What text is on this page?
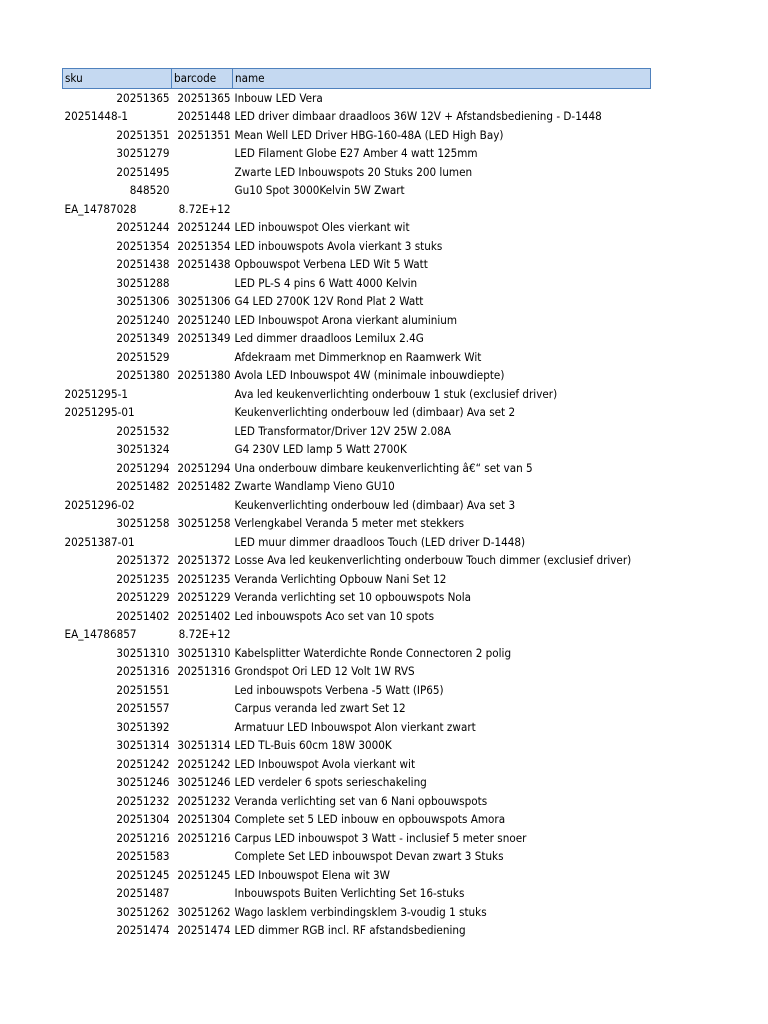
sku	barcode	name
20251365	20251365	Inbouw LED Vera
20251448-1	20251448	LED driver dimbaar draadloos 36W 12V + Afstandsbediening - D-1448
20251351	20251351	Mean Well LED Driver HBG-160-48A (LED High Bay)
30251279		LED Filament Globe E27 Amber 4 watt 125mm
20251495		Zwarte LED Inbouwspots 20 Stuks 200 lumen
848520		Gu10 Spot 3000Kelvin 5W Zwart
EA_14787028	8.72E+12	
20251244	20251244	LED inbouwspot Oles vierkant wit
20251354	20251354	LED inbouwspots Avola vierkant 3 stuks
20251438	20251438	Opbouwspot Verbena LED Wit 5 Watt
30251288		LED PL-S 4 pins 6 Watt 4000 Kelvin
30251306	30251306	G4 LED 2700K 12V Rond Plat 2 Watt
20251240	20251240	LED Inbouwspot Arona vierkant aluminium
20251349	20251349	Led dimmer draadloos Lemilux 2.4G
20251529		Afdekraam met Dimmerknop en Raamwerk Wit
20251380	20251380	Avola LED Inbouwspot 4W (minimale inbouwdiepte)
20251295-1		Ava led keukenverlichting onderbouw 1 stuk (exclusief driver)
20251295-01		Keukenverlichting onderbouw led (dimbaar) Ava set 2
20251532		LED Transformator/Driver 12V 25W 2.08A
30251324		G4 230V LED lamp 5 Watt 2700K
20251294	20251294	Una onderbouw dimbare keukenverlichting â€“ set van 5
20251482	20251482	Zwarte Wandlamp Vieno GU10
20251296-02		Keukenverlichting onderbouw led (dimbaar) Ava set 3
30251258	30251258	Verlengkabel Veranda 5 meter met stekkers
20251387-01		LED muur dimmer draadloos Touch (LED driver D-1448)
20251372	20251372	Losse Ava led keukenverlichting onderbouw Touch dimmer (exclusief driver)
20251235	20251235	Veranda Verlichting Opbouw Nani Set 12
20251229	20251229	Veranda verlichting set 10 opbouwspots Nola
20251402	20251402	Led inbouwspots Aco set van 10 spots
EA_14786857	8.72E+12	
30251310	30251310	Kabelsplitter Waterdichte Ronde Connectoren 2 polig
20251316	20251316	Grondspot Ori LED 12 Volt 1W RVS
20251551		Led inbouwspots Verbena -5 Watt (IP65)
20251557		Carpus veranda led zwart Set 12
30251392		Armatuur LED Inbouwspot Alon vierkant zwart
30251314	30251314	LED TL-Buis 60cm 18W 3000K
20251242	20251242	LED Inbouwspot Avola vierkant wit
30251246	30251246	LED verdeler 6 spots serieschakeling
20251232	20251232	Veranda verlichting set van 6 Nani opbouwspots
20251304	20251304	Complete set 5 LED inbouw en opbouwspots Amora
20251216	20251216	Carpus LED inbouwspot 3 Watt - inclusief 5 meter snoer
20251583		Complete Set LED inbouwspot Devan zwart 3 Stuks
20251245	20251245	LED Inbouwspot Elena wit 3W
20251487		Inbouwspots Buiten Verlichting Set 16-stuks
30251262	30251262	Wago lasklem verbindingsklem 3-voudig 1 stuks
20251474	20251474	LED dimmer RGB incl. RF afstandsbediening
